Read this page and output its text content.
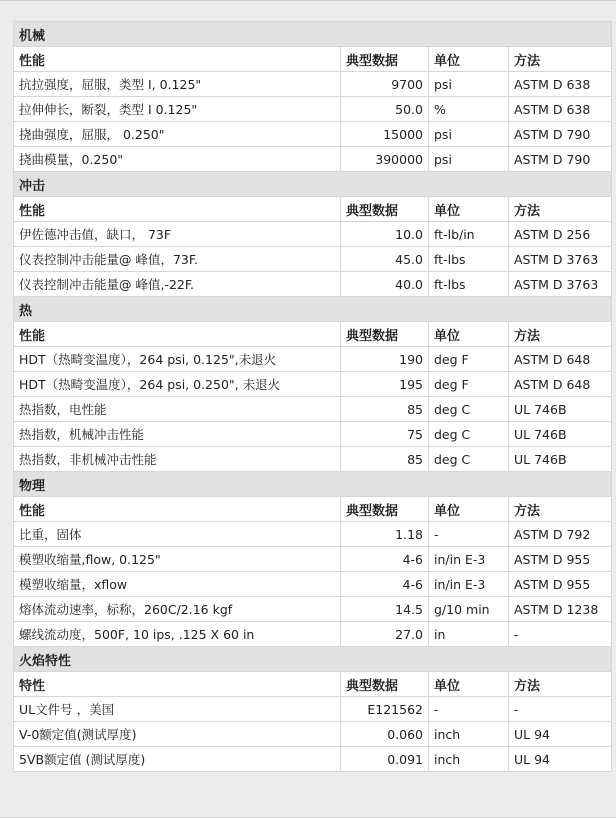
机械			
性能	典型数据	单位	方法
抗拉强度，屈服，类型 I, 0.125"	9700	psi	ASTM D 638
拉伸伸长，断裂，类型 I 0.125"	50.0	%	ASTM D 638
挠曲强度，屈服， 0.250"	15000	psi	ASTM D 790
挠曲模量，0.250"	390000	psi	ASTM D 790
冲击			
性能	典型数据	单位	方法
伊佐德冲击值，缺口， 73F	10.0	ft-lb/in	ASTM D 256
仪表控制冲击能量@ 峰值，73F.	45.0	ft-lbs	ASTM D 3763
仪表控制冲击能量@ 峰值,-22F.	40.0	ft-lbs	ASTM D 3763
热			
性能	典型数据	单位	方法
HDT（热畸变温度），264 psi, 0.125",未退火	190	deg F	ASTM D 648
HDT（热畸变温度），264 psi, 0.250", 未退火	195	deg F	ASTM D 648
热指数，电性能	85	deg C	UL 746B
热指数，机械冲击性能	75	deg C	UL 746B
热指数，非机械冲击性能	85	deg C	UL 746B
物理			
性能	典型数据	单位	方法
比重，固体	1.18	-	ASTM D 792
模塑收缩量,flow, 0.125"	4-6	in/in E-3	ASTM D 955
模塑收缩量，xflow	4-6	in/in E-3	ASTM D 955
熔体流动速率，标称，260C/2.16 kgf	14.5	g/10 min	ASTM D 1238
螺线流动度，500F, 10 ips, .125 X 60 in	27.0	in	-
火焰特性			
特性	典型数据	单位	方法
UL文件号 ，美国	E121562	-	-
V-0额定值(测试厚度)	0.060	inch	UL 94
5VB额定值 (测试厚度)	0.091	inch	UL 94
